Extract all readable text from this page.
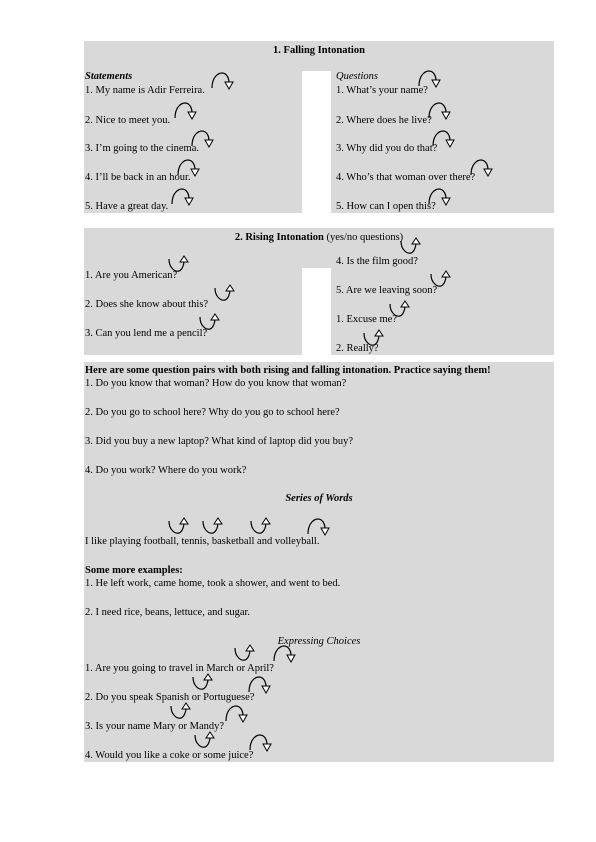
1. Falling Intonation
Statements	Questions
1. My name is Adir Ferreira.
2. Nice to meet you.
3. I’m going to the cinema.
4. I’ll be back in an hour.
5. Have a great day.
1. What’s your name?
2. Where does he live?
3. Why did you do that?
4. Who’s that woman over there?
5. How can I open this?
2. Rising Intonation (yes/no questions)
1. Are you American?
2. Does she know about this?
3. Can you lend me a pencil?
4. Is the film good?
5. Are we leaving soon?
1. Excuse me?
2. Really?
Here are some question pairs with both rising and falling intonation. Practice saying them!
1. Do you know that woman? How do you know that woman?
2. Do you go to school here? Why do you go to school here?
3. Did you buy a new laptop? What kind of laptop did you buy?
4. Do you work? Where do you work?
Series of Words
I like playing football, tennis, basketball and volleyball.
Some more examples:
1. He left work, came home, took a shower, and went to bed.
2. I need rice, beans, lettuce, and sugar.
Expressing Choices
1. Are you going to travel in March or April?
2. Do you speak Spanish or Portuguese?
3. Is your name Mary or Mandy?
4. Would you like a coke or some juice?
